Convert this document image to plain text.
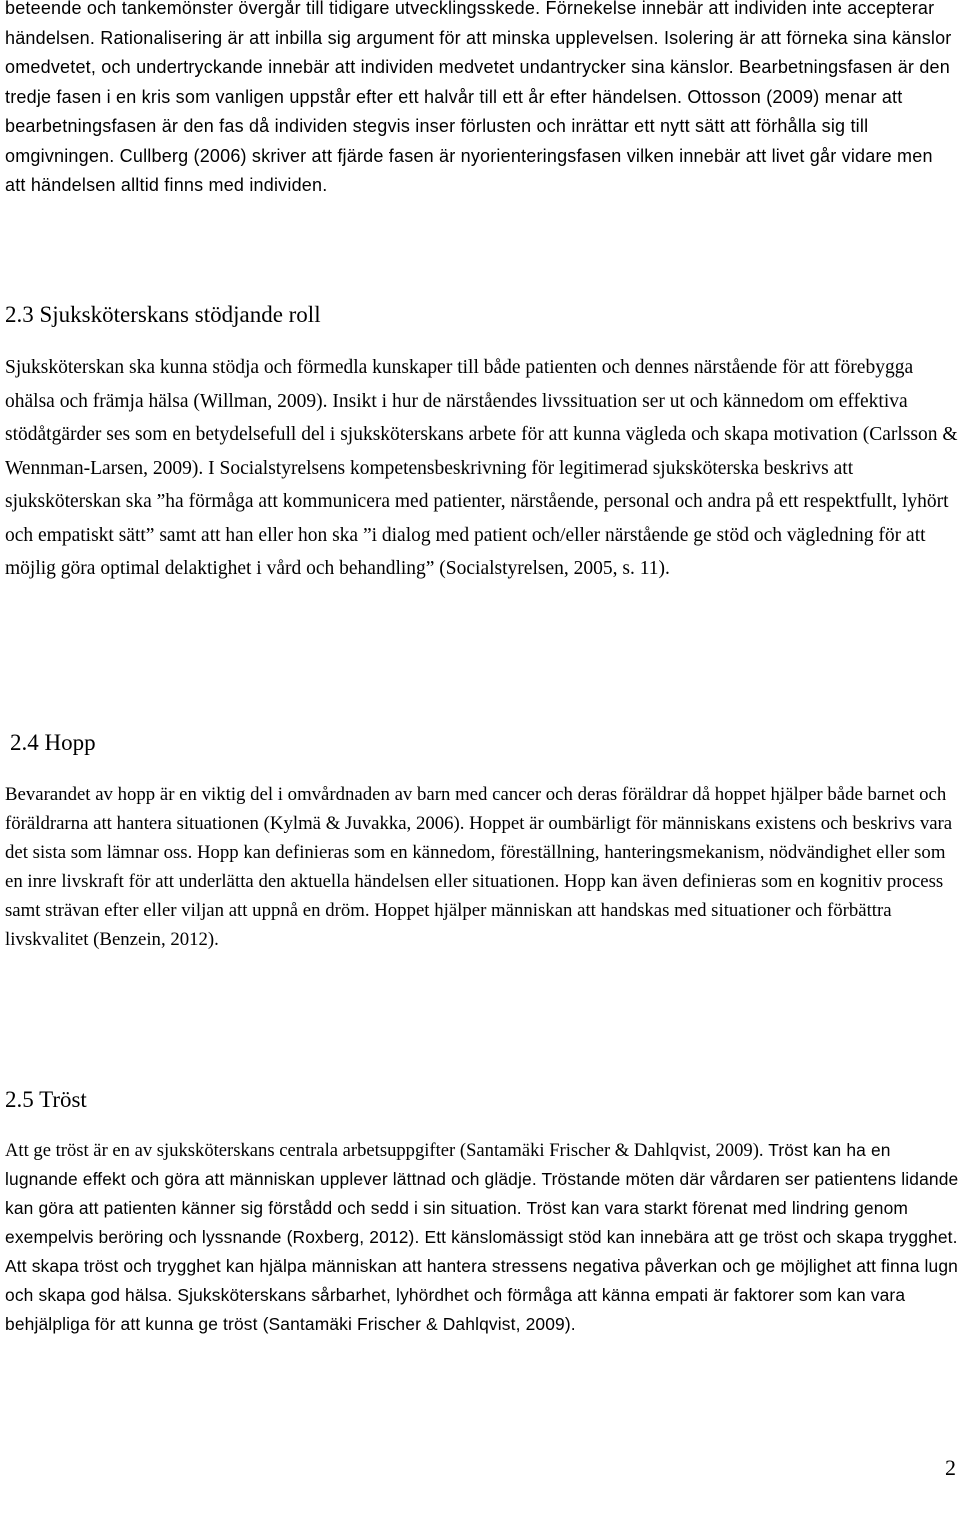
beteende och tankemönster övergår till tidigare utvecklingsskede. Förnekelse innebär att individen inte accepterar händelsen. Rationalisering är att inbilla sig argument för att minska upplevelsen. Isolering är att förneka sina känslor omedvetet, och undertryckande innebär att individen medvetet undantrycker sina känslor. Bearbetningsfasen är den tredje fasen i en kris som vanligen uppstår efter ett halvår till ett år efter händelsen. Ottosson (2009) menar att bearbetningsfasen är den fas då individen stegvis inser förlusten och inrättar ett nytt sätt att förhålla sig till omgivningen. Cullberg (2006) skriver att fjärde fasen är nyorienteringsfasen vilken innebär att livet går vidare men att händelsen alltid finns med individen.

2.3 Sjuksköterskans stödjande roll

Sjuksköterskan ska kunna stödja och förmedla kunskaper till både patienten och dennes närstående för att förebygga ohälsa och främja hälsa (Willman, 2009). Insikt i hur de närståendes livssituation ser ut och kännedom om effektiva stödåtgärder ses som en betydelsefull del i sjuksköterskans arbete för att kunna vägleda och skapa motivation (Carlsson & Wennman-Larsen, 2009). I Socialstyrelsens kompetensbeskrivning för legitimerad sjuksköterska beskrivs att sjuksköterskan ska ”ha förmåga att kommunicera med patienter, närstående, personal och andra på ett respektfullt, lyhört och empatiskt sätt” samt att han eller hon ska ”i dialog med patient och/eller närstående ge stöd och vägledning för att möjlig göra optimal delaktighet i vård och behandling” (Socialstyrelsen, 2005, s. 11).

2.4 Hopp

Bevarandet av hopp är en viktig del i omvårdnaden av barn med cancer och deras föräldrar då hoppet hjälper både barnet och föräldrarna att hantera situationen (Kylmä & Juvakka, 2006). Hoppet är oumbärligt för människans existens och beskrivs vara det sista som lämnar oss. Hopp kan definieras som en kännedom, föreställning, hanteringsmekanism, nödvändighet eller som en inre livskraft för att underlätta den aktuella händelsen eller situationen. Hopp kan även definieras som en kognitiv process samt strävan efter eller viljan att uppnå en dröm. Hoppet hjälper människan att handskas med situationer och förbättra livskvalitet (Benzein, 2012).

2.5 Tröst

Att ge tröst är en av sjuksköterskans centrala arbetsuppgifter (Santamäki Frischer & Dahlqvist, 2009). Tröst kan ha en lugnande effekt och göra att människan upplever lättnad och glädje. Tröstande möten där vårdaren ser patientens lidande kan göra att patienten känner sig förstådd och sedd i sin situation. Tröst kan vara starkt förenat med lindring genom exempelvis beröring och lyssnande (Roxberg, 2012). Ett känslomässigt stöd kan innebära att ge tröst och skapa trygghet. Att skapa tröst och trygghet kan hjälpa människan att hantera stressens negativa påverkan och ge möjlighet att finna lugn och skapa god hälsa. Sjuksköterskans sårbarhet, lyhördhet och förmåga att känna empati är faktorer som kan vara behjälpliga för att kunna ge tröst (Santamäki Frischer & Dahlqvist, 2009).

2
